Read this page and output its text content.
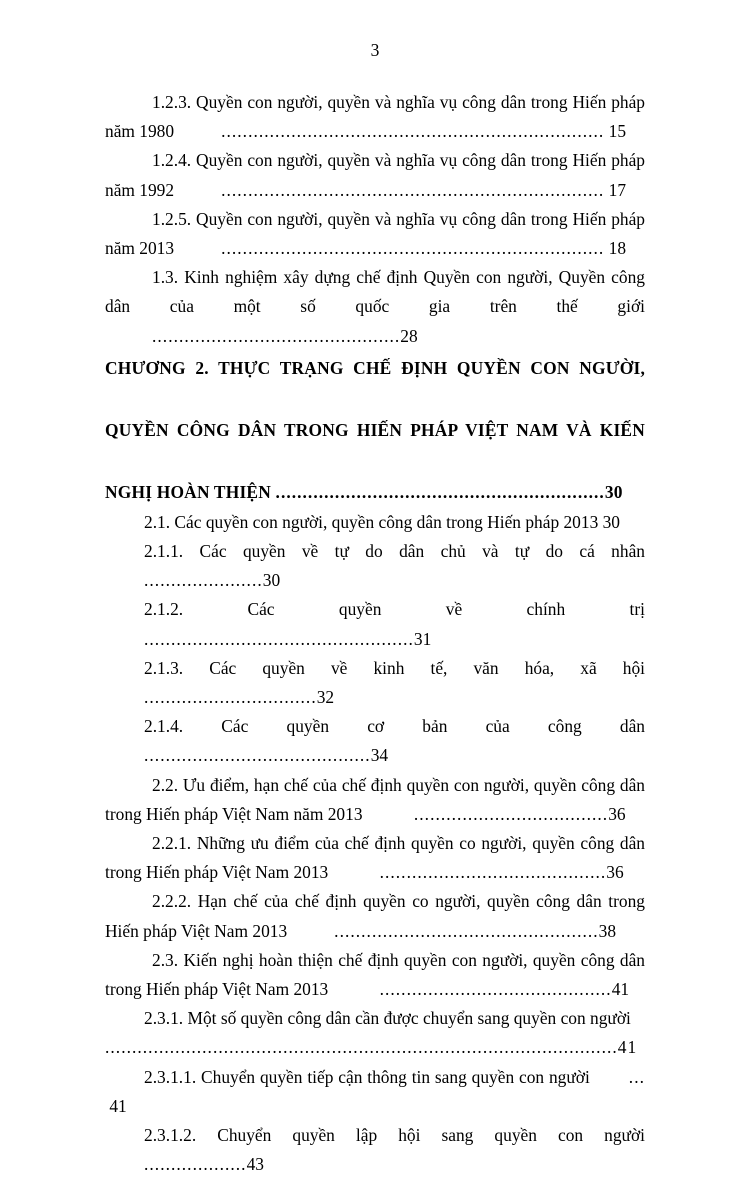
3

1.2.3. Quyền con người, quyền và nghĩa vụ công dân trong Hiến pháp năm 1980	....................................................................... 15

1.2.4. Quyền con người, quyền và nghĩa vụ công dân trong Hiến pháp năm 1992	....................................................................... 17

1.2.5. Quyền con người, quyền và nghĩa vụ công dân trong Hiến pháp năm 2013	....................................................................... 18

1.3. Kinh nghiệm xây dựng chế định Quyền con người, Quyền công dân của một số quốc gia trên thế giới..............................................28

CHƯƠNG 2. THỰC TRẠNG CHẾ ĐỊNH QUYỀN CON NGƯỜI,
QUYỀN CÔNG DÂN TRONG HIẾN PHÁP VIỆT NAM VÀ KIẾN
NGHỊ HOÀN THIỆN .............................................................30

2.1. Các quyền con người, quyền công dân trong Hiến pháp 2013 30

2.1.1. Các quyền về tự do dân chủ và tự do cá nhân ......................30

2.1.2. Các quyền về chính trị ..................................................31

2.1.3. Các quyền về kinh tế, văn hóa, xã hội ................................32

2.1.4. Các quyền cơ bản của công dân..........................................34

2.2. Ưu điểm, hạn chế của chế định quyền con người, quyền công dân trong Hiến pháp Việt Nam năm 2013	....................................36

2.2.1. Những ưu điểm của chế định quyền co người, quyền công dân trong Hiến pháp Việt Nam 2013	..........................................36

2.2.2. Hạn chế của chế định quyền co người, quyền công dân trong Hiến pháp Việt Nam 2013	.................................................38

2.3. Kiến nghị hoàn thiện chế định quyền con người, quyền công dân trong Hiến pháp Việt Nam 2013	...........................................41

2.3.1. Một số quyền công dân cần được chuyển sang quyền con người

...............................................................................................41

2.3.1.1. Chuyển quyền tiếp cận thông tin sang quyền con người ... 41

2.3.1.2. Chuyển quyền lập hội sang quyền con người...................43
